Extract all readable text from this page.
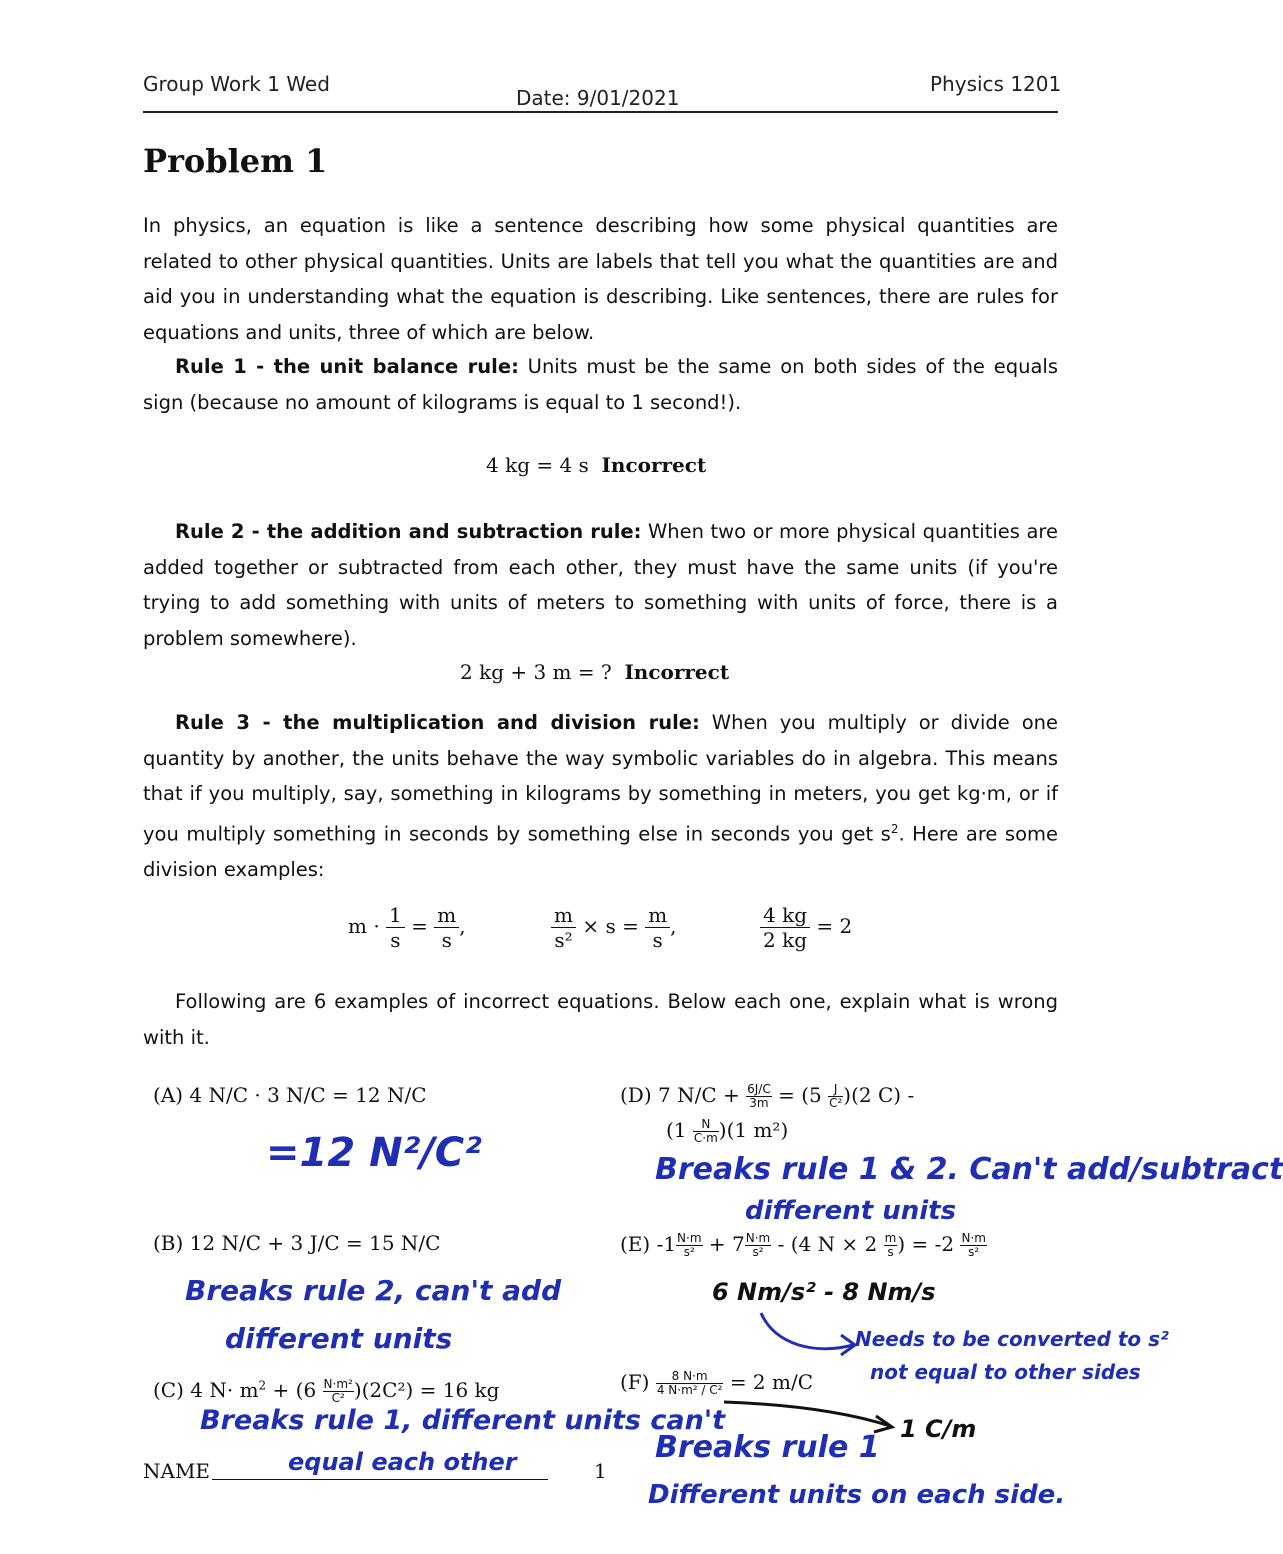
Group Work 1 Wed
Date: 9/01/2021
Physics 1201
Problem 1
In physics, an equation is like a sentence describing how some physical quantities are related to other physical quantities. Units are labels that tell you what the quantities are and aid you in understanding what the equation is describing. Like sentences, there are rules for equations and units, three of which are below.
Rule 1 - the unit balance rule: Units must be the same on both sides of the equals sign (because no amount of kilograms is equal to 1 second!).
4 kg = 4 s Incorrect
Rule 2 - the addition and subtraction rule: When two or more physical quantities are added together or subtracted from each other, they must have the same units (if you're trying to add something with units of meters to something with units of force, there is a problem somewhere).
2 kg + 3 m = ? Incorrect
Rule 3 - the multiplication and division rule: When you multiply or divide one quantity by another, the units behave the way symbolic variables do in algebra. This means that if you multiply, say, something in kilograms by something in meters, you get kg·m, or if you multiply something in seconds by something else in seconds you get $s^2$. Here are some division examples:
$m \cdot \frac{1}{s} = \frac{m}{s}$ ,	$\frac{m}{\text{s²}} \times s = \frac{m}{s}$ ,	$\frac{4 kg}{2 kg} = 2$
Following are 6 examples of incorrect equations. Below each one, explain what is wrong with it.
(A) 4 N/C · 3 N/C = 12 N/C
=12 N²/C²
(B) 12 N/C + 3 J/C = 15 N/C
Breaks rule 2, can't add
different units
(C) 4 $N\cdot m^2 + (6 \frac{\text{N·m²}}{\text{C²}} )(2C^2) = 16$ kg
Breaks rule 1, different units can't
equal each other
(D) 7 $N/C + \frac{6J/C}{3m} = (5 \frac{J}{\text{C²}} )(2$ C) -
$(1 \frac{N}{C\cdot m} )(1$ m²)
Breaks rule 1 & 2. Can't add/subtract
different units
(E) $-1 \frac{N\cdot m}{\text{s²}} + 7 \frac{N\cdot m}{\text{s²}} - (4$ $N \times 2 \frac{m}{s}$ ) = $-2 \frac{N\cdot m}{\text{s²}}$
6 Nm/s² - 8 Nm/s
Needs to be converted to s²
not equal to other sides
$(F) \frac{8 N\cdot m}{\text{4 N·m² / C²}} = 2$ m/C
1 C/m
Breaks rule 1
Different units on each side.
NAME	1
